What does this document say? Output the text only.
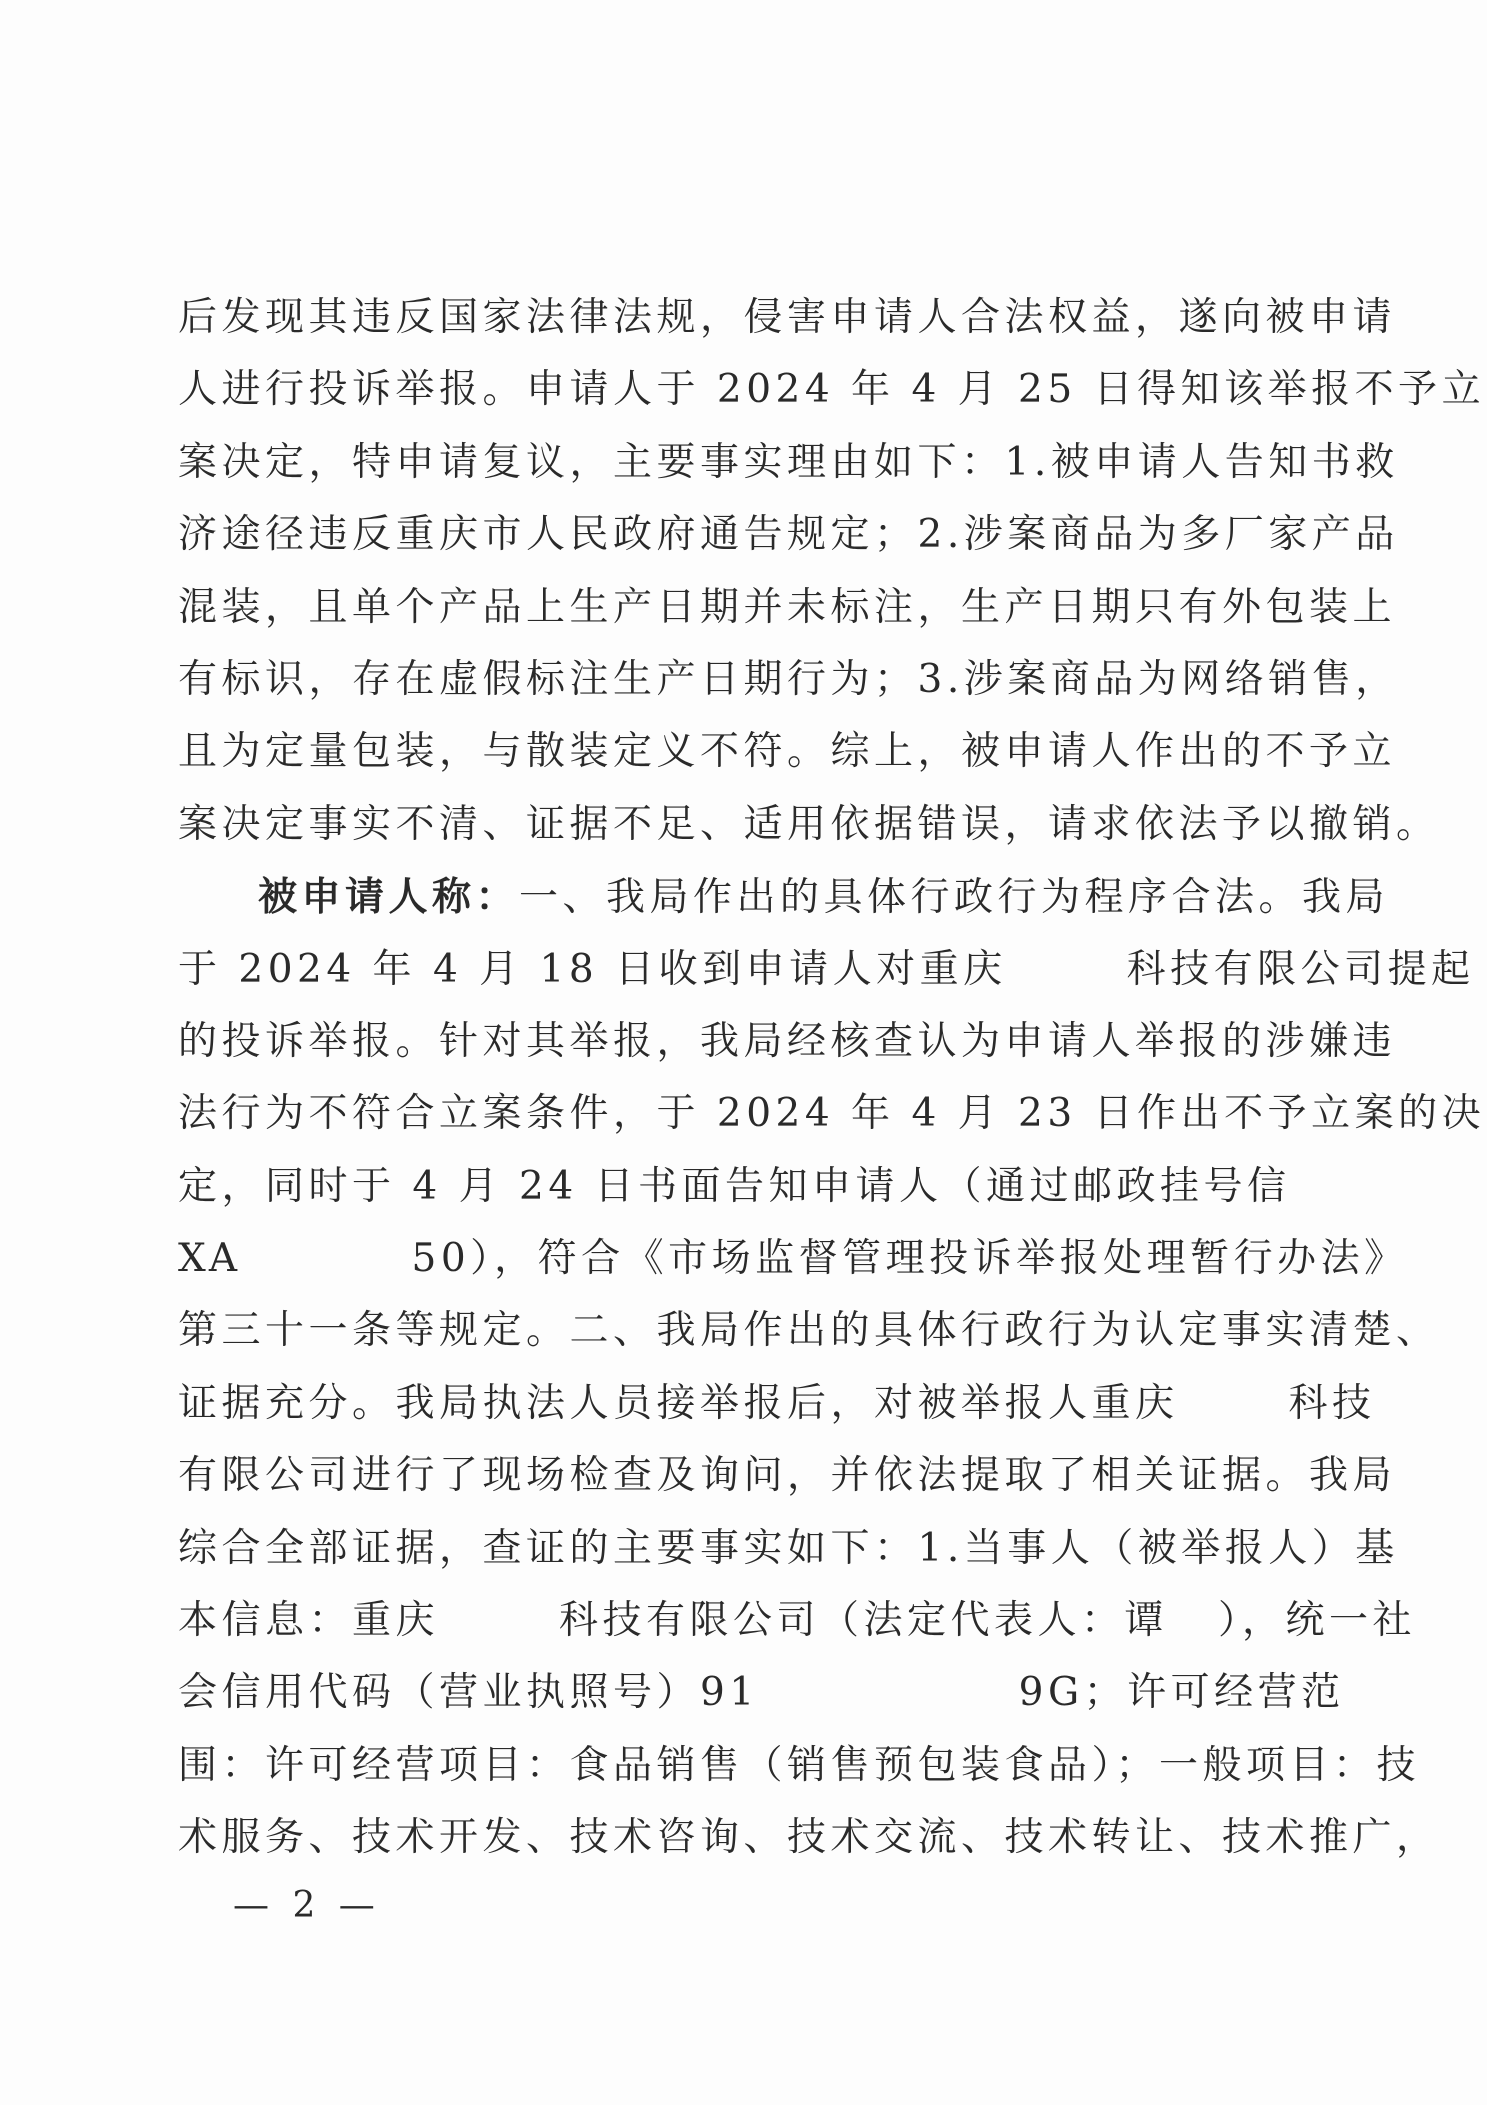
后发现其违反国家法律法规，侵害申请人合法权益，遂向被申请
人进行投诉举报。申请人于 2024 年 4 月 25 日得知该举报不予立
案决定，特申请复议，主要事实理由如下：1.被申请人告知书救
济途径违反重庆市人民政府通告规定；2.涉案商品为多厂家产品
混装，且单个产品上生产日期并未标注，生产日期只有外包装上
有标识，存在虚假标注生产日期行为；3.涉案商品为网络销售，
且为定量包装，与散装定义不符。综上，被申请人作出的不予立
案决定事实不清、证据不足、适用依据错误，请求依法予以撤销。
被申请人称：一、我局作出的具体行政行为程序合法。我局
于 2024 年 4 月 18 日收到申请人对重庆	科技有限公司提起
的投诉举报。针对其举报，我局经核查认为申请人举报的涉嫌违
法行为不符合立案条件，于 2024 年 4 月 23 日作出不予立案的决
定，同时于 4 月 24 日书面告知申请人（通过邮政挂号信
XA	50），符合《市场监督管理投诉举报处理暂行办法》
第三十一条等规定。二、我局作出的具体行政行为认定事实清楚、
证据充分。我局执法人员接举报后，对被举报人重庆	科技
有限公司进行了现场检查及询问，并依法提取了相关证据。我局
综合全部证据，查证的主要事实如下：1.当事人（被举报人）基
本信息：重庆	科技有限公司（法定代表人：谭 ），统一社
会信用代码（营业执照号）91	9G；许可经营范
围：许可经营项目：食品销售（销售预包装食品）；一般项目：技
术服务、技术开发、技术咨询、技术交流、技术转让、技术推广，
— 2 —
